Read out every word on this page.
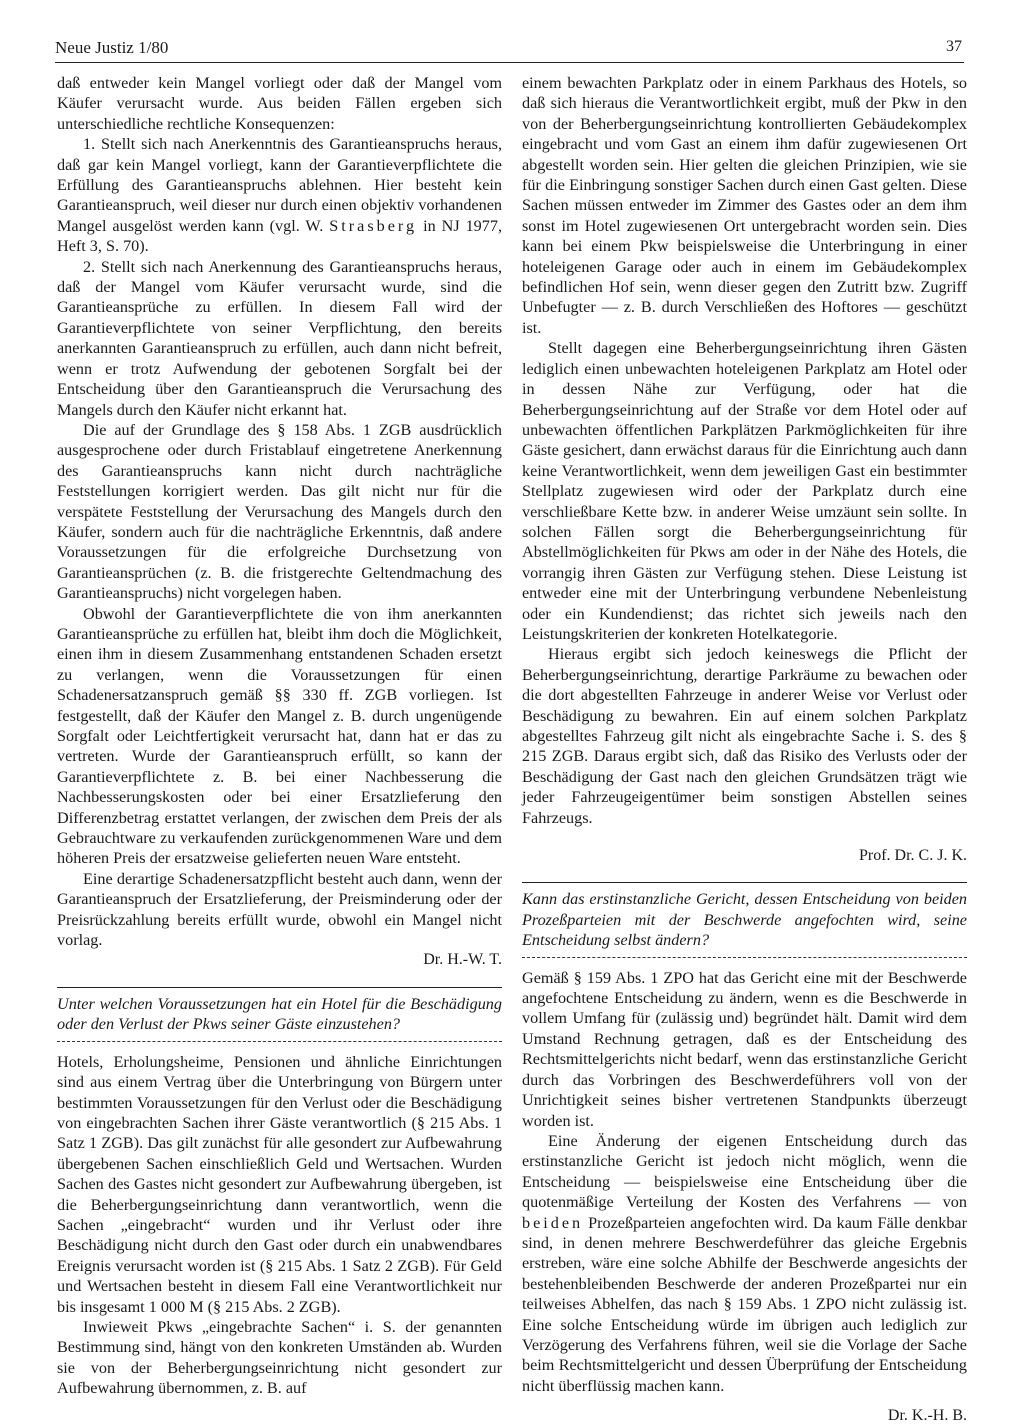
Neue Justiz 1/80	37

daß entweder kein Mangel vorliegt oder daß der Mangel vom Käufer verursacht wurde. Aus beiden Fällen ergeben sich unterschiedliche rechtliche Konsequenzen:

1. Stellt sich nach Anerkenntnis des Garantieanspruchs heraus, daß gar kein Mangel vorliegt, kann der Garantieverpflichtete die Erfüllung des Garantieanspruchs ablehnen. Hier besteht kein Garantieanspruch, weil dieser nur durch einen objektiv vorhandenen Mangel ausgelöst werden kann (vgl. W. Strasberg in NJ 1977, Heft 3, S. 70).

2. Stellt sich nach Anerkennung des Garantieanspruchs heraus, daß der Mangel vom Käufer verursacht wurde, sind die Garantieansprüche zu erfüllen. In diesem Fall wird der Garantieverpflichtete von seiner Verpflichtung, den bereits anerkannten Garantieanspruch zu erfüllen, auch dann nicht befreit, wenn er trotz Aufwendung der gebotenen Sorgfalt bei der Entscheidung über den Garantieanspruch die Verursachung des Mangels durch den Käufer nicht erkannt hat.

Die auf der Grundlage des § 158 Abs. 1 ZGB ausdrücklich ausgesprochene oder durch Fristablauf eingetretene Anerkennung des Garantieanspruchs kann nicht durch nachträgliche Feststellungen korrigiert werden. Das gilt nicht nur für die verspätete Feststellung der Verursachung des Mangels durch den Käufer, sondern auch für die nachträgliche Erkenntnis, daß andere Voraussetzungen für die erfolgreiche Durchsetzung von Garantieansprüchen (z. B. die fristgerechte Geltendmachung des Garantieanspruchs) nicht vorgelegen haben.

Obwohl der Garantieverpflichtete die von ihm anerkannten Garantieansprüche zu erfüllen hat, bleibt ihm doch die Möglichkeit, einen ihm in diesem Zusammenhang entstandenen Schaden ersetzt zu verlangen, wenn die Voraussetzungen für einen Schadenersatzanspruch gemäß §§ 330 ff. ZGB vorliegen. Ist festgestellt, daß der Käufer den Mangel z. B. durch ungenügende Sorgfalt oder Leichtfertigkeit verursacht hat, dann hat er das zu vertreten. Wurde der Garantieanspruch erfüllt, so kann der Garantieverpflichtete z. B. bei einer Nachbesserung die Nachbesserungskosten oder bei einer Ersatzlieferung den Differenzbetrag erstattet verlangen, der zwischen dem Preis der als Gebrauchtware zu verkaufenden zurückgenommenen Ware und dem höheren Preis der ersatzweise gelieferten neuen Ware entsteht.

Eine derartige Schadenersatzpflicht besteht auch dann, wenn der Garantieanspruch der Ersatzlieferung, der Preisminderung oder der Preisrückzahlung bereits erfüllt wurde, obwohl ein Mangel nicht vorlag.

Dr. H.-W. T.

Unter welchen Voraussetzungen hat ein Hotel für die Beschädigung oder den Verlust der Pkws seiner Gäste einzustehen?

Hotels, Erholungsheime, Pensionen und ähnliche Einrichtungen sind aus einem Vertrag über die Unterbringung von Bürgern unter bestimmten Voraussetzungen für den Verlust oder die Beschädigung von eingebrachten Sachen ihrer Gäste verantwortlich (§ 215 Abs. 1 Satz 1 ZGB). Das gilt zunächst für alle gesondert zur Aufbewahrung übergebenen Sachen einschließlich Geld und Wertsachen. Wurden Sachen des Gastes nicht gesondert zur Aufbewahrung übergeben, ist die Beherbergungseinrichtung dann verantwortlich, wenn die Sachen „eingebracht“ wurden und ihr Verlust oder ihre Beschädigung nicht durch den Gast oder durch ein unabwendbares Ereignis verursacht worden ist (§ 215 Abs. 1 Satz 2 ZGB). Für Geld und Wertsachen besteht in diesem Fall eine Verantwortlichkeit nur bis insgesamt 1 000 M (§ 215 Abs. 2 ZGB).

Inwieweit Pkws „eingebrachte Sachen“ i. S. der genannten Bestimmung sind, hängt von den konkreten Umständen ab. Wurden sie von der Beherbergungseinrichtung nicht gesondert zur Aufbewahrung übernommen, z. B. auf

einem bewachten Parkplatz oder in einem Parkhaus des Hotels, so daß sich hieraus die Verantwortlichkeit ergibt, muß der Pkw in den von der Beherbergungseinrichtung kontrollierten Gebäudekomplex eingebracht und vom Gast an einem ihm dafür zugewiesenen Ort abgestellt worden sein. Hier gelten die gleichen Prinzipien, wie sie für die Einbringung sonstiger Sachen durch einen Gast gelten. Diese Sachen müssen entweder im Zimmer des Gastes oder an dem ihm sonst im Hotel zugewiesenen Ort untergebracht worden sein. Dies kann bei einem Pkw beispielsweise die Unterbringung in einer hoteleigenen Garage oder auch in einem im Gebäudekomplex befindlichen Hof sein, wenn dieser gegen den Zutritt bzw. Zugriff Unbefugter — z. B. durch Verschließen des Hoftores — geschützt ist.

Stellt dagegen eine Beherbergungseinrichtung ihren Gästen lediglich einen unbewachten hoteleigenen Parkplatz am Hotel oder in dessen Nähe zur Verfügung, oder hat die Beherbergungseinrichtung auf der Straße vor dem Hotel oder auf unbewachten öffentlichen Parkplätzen Parkmöglichkeiten für ihre Gäste gesichert, dann erwächst daraus für die Einrichtung auch dann keine Verantwortlichkeit, wenn dem jeweiligen Gast ein bestimmter Stellplatz zugewiesen wird oder der Parkplatz durch eine verschließbare Kette bzw. in anderer Weise umzäunt sein sollte. In solchen Fällen sorgt die Beherbergungseinrichtung für Abstellmöglichkeiten für Pkws am oder in der Nähe des Hotels, die vorrangig ihren Gästen zur Verfügung stehen. Diese Leistung ist entweder eine mit der Unterbringung verbundene Nebenleistung oder ein Kundendienst; das richtet sich jeweils nach den Leistungskriterien der konkreten Hotelkategorie.

Hieraus ergibt sich jedoch keineswegs die Pflicht der Beherbergungseinrichtung, derartige Parkräume zu bewachen oder die dort abgestellten Fahrzeuge in anderer Weise vor Verlust oder Beschädigung zu bewahren. Ein auf einem solchen Parkplatz abgestelltes Fahrzeug gilt nicht als eingebrachte Sache i. S. des § 215 ZGB. Daraus ergibt sich, daß das Risiko des Verlusts oder der Beschädigung der Gast nach den gleichen Grundsätzen trägt wie jeder Fahrzeugeigentümer beim sonstigen Abstellen seines Fahrzeugs.

Prof. Dr. C. J. K.

Kann das erstinstanzliche Gericht, dessen Entscheidung von beiden Prozeßparteien mit der Beschwerde angefochten wird, seine Entscheidung selbst ändern?

Gemäß § 159 Abs. 1 ZPO hat das Gericht eine mit der Beschwerde angefochtene Entscheidung zu ändern, wenn es die Beschwerde in vollem Umfang für (zulässig und) begründet hält. Damit wird dem Umstand Rechnung getragen, daß es der Entscheidung des Rechtsmittelgerichts nicht bedarf, wenn das erstinstanzliche Gericht durch das Vorbringen des Beschwerdeführers voll von der Unrichtigkeit seines bisher vertretenen Standpunkts überzeugt worden ist.

Eine Änderung der eigenen Entscheidung durch das erstinstanzliche Gericht ist jedoch nicht möglich, wenn die Entscheidung — beispielsweise eine Entscheidung über die quotenmäßige Verteilung der Kosten des Verfahrens — von beiden Prozeßparteien angefochten wird. Da kaum Fälle denkbar sind, in denen mehrere Beschwerdeführer das gleiche Ergebnis erstreben, wäre eine solche Abhilfe der Beschwerde angesichts der bestehenbleibenden Beschwerde der anderen Prozeßpartei nur ein teilweises Abhelfen, das nach § 159 Abs. 1 ZPO nicht zulässig ist. Eine solche Entscheidung würde im übrigen auch lediglich zur Verzögerung des Verfahrens führen, weil sie die Vorlage der Sache beim Rechtsmittelgericht und dessen Überprüfung der Entscheidung nicht überflüssig machen kann.

Dr. K.-H. B.
